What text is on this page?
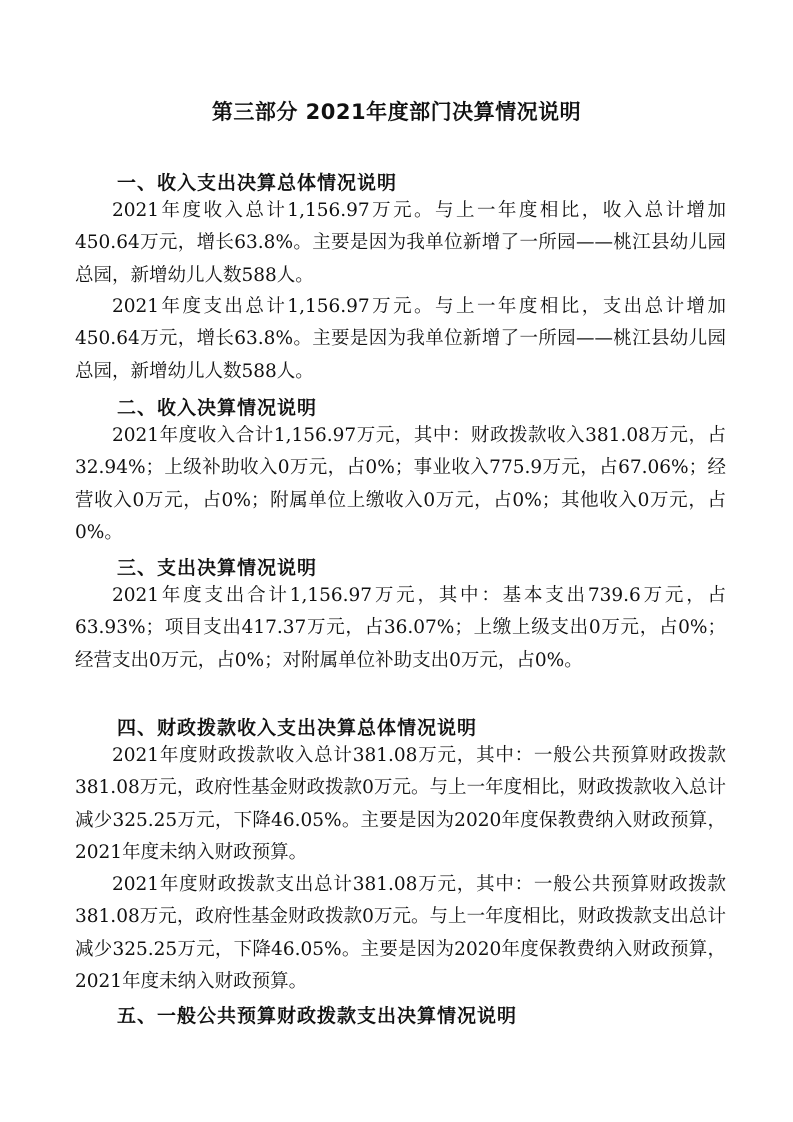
第三部分 2021年度部门决算情况说明
一、收入支出决算总体情况说明
2021年度收入总计1,156.97万元。与上一年度相比，收入总计增加450.64万元，增长63.8%。主要是因为我单位新增了一所园——桃江县幼儿园总园，新增幼儿人数588人。
2021年度支出总计1,156.97万元。与上一年度相比，支出总计增加450.64万元，增长63.8%。主要是因为我单位新增了一所园——桃江县幼儿园总园，新增幼儿人数588人。
二、收入决算情况说明
2021年度收入合计1,156.97万元，其中：财政拨款收入381.08万元，占32.94%；上级补助收入0万元，占0%；事业收入775.9万元，占67.06%；经营收入0万元，占0%；附属单位上缴收入0万元，占0%；其他收入0万元，占0%。
三、支出决算情况说明
2021年度支出合计1,156.97万元，其中：基本支出739.6万元，占63.93%；项目支出417.37万元，占36.07%；上缴上级支出0万元，占0%；经营支出0万元，占0%；对附属单位补助支出0万元，占0%。
四、财政拨款收入支出决算总体情况说明
2021年度财政拨款收入总计381.08万元，其中：一般公共预算财政拨款381.08万元，政府性基金财政拨款0万元。与上一年度相比，财政拨款收入总计减少325.25万元，下降46.05%。主要是因为2020年度保教费纳入财政预算，2021年度未纳入财政预算。
2021年度财政拨款支出总计381.08万元，其中：一般公共预算财政拨款381.08万元，政府性基金财政拨款0万元。与上一年度相比，财政拨款支出总计减少325.25万元，下降46.05%。主要是因为2020年度保教费纳入财政预算，2021年度未纳入财政预算。
五、一般公共预算财政拨款支出决算情况说明
